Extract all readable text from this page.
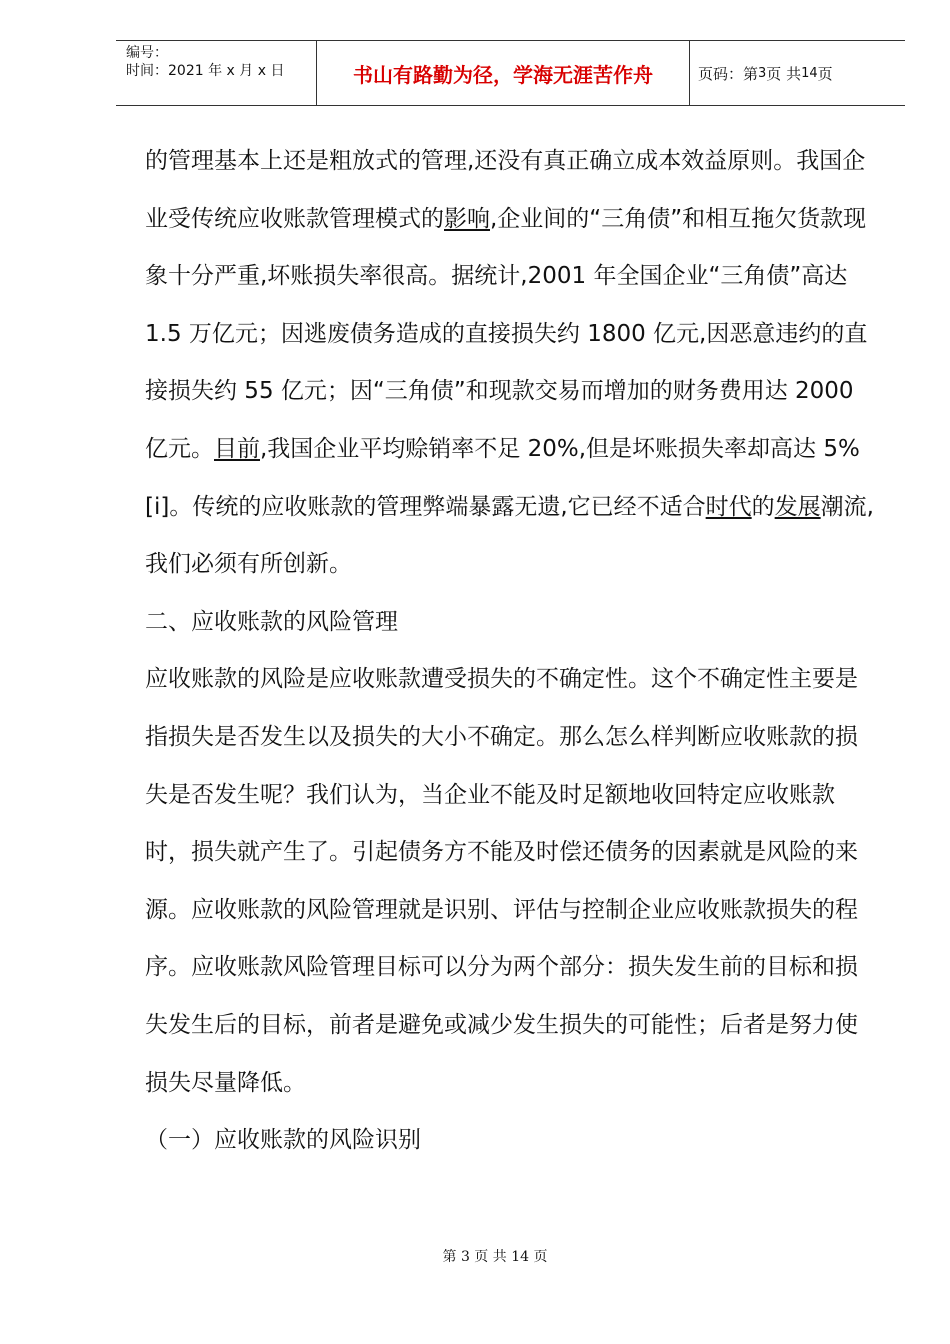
编号：
时间：2021 年 x 月 x 日	书山有路勤为径，学海无涯苦作舟	页码：第 3 页 共 14 页

的管理基本上还是粗放式的管理,还没有真正确立成本效益原则。我国企业受传统应收账款管理模式的影响,企业间的“三角债”和相互拖欠货款现象十分严重,坏账损失率很高。据统计,2001 年全国企业“三角债”高达 1.5 万亿元；因逃废债务造成的直接损失约 1800 亿元,因恶意违约的直接损失约 55 亿元；因“三角债”和现款交易而增加的财务费用达 2000 亿元。目前,我国企业平均赊销率不足 20%,但是坏账损失率却高达 5% [i]。传统的应收账款的管理弊端暴露无遗,它已经不适合时代的发展潮流,我们必须有所创新。

二、应收账款的风险管理

应收账款的风险是应收账款遭受损失的不确定性。这个不确定性主要是指损失是否发生以及损失的大小不确定。那么怎么样判断应收账款的损失是否发生呢？我们认为，当企业不能及时足额地收回特定应收账款时，损失就产生了。引起债务方不能及时偿还债务的因素就是风险的来源。应收账款的风险管理就是识别、评估与控制企业应收账款损失的程序。应收账款风险管理目标可以分为两个部分：损失发生前的目标和损失发生后的目标，前者是避免或减少发生损失的可能性；后者是努力使损失尽量降低。

（一）应收账款的风险识别

第 3 页 共 14 页
